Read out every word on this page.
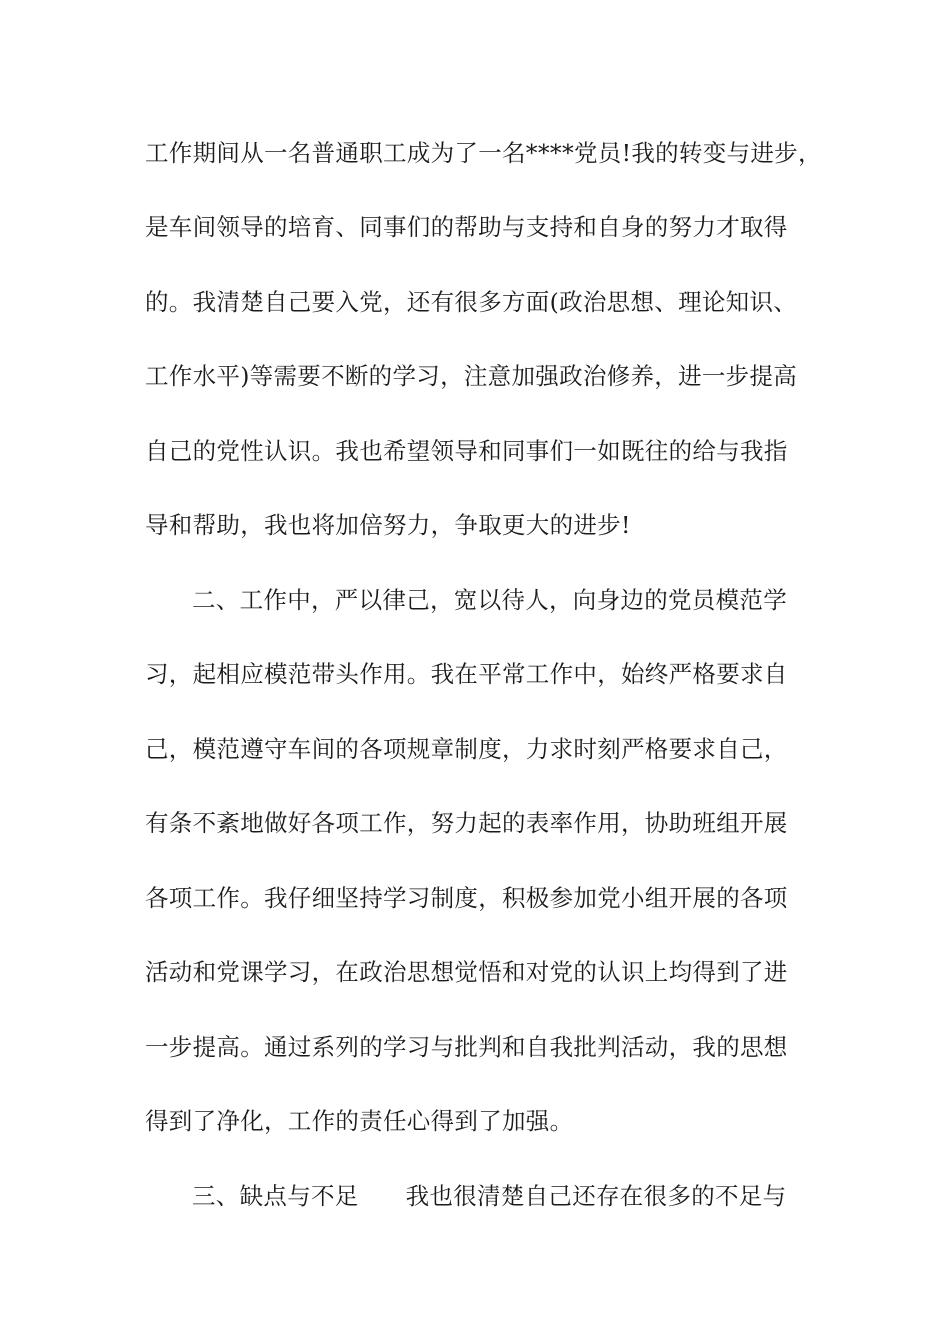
工作期间从一名普通职工成为了一名****党员!我的转变与进步，
是车间领导的培育、同事们的帮助与支持和自身的努力才取得
的。我清楚自己要入党，还有很多方面(政治思想、理论知识、
工作水平)等需要不断的学习，注意加强政治修养，进一步提高
自己的党性认识。我也希望领导和同事们一如既往的给与我指
导和帮助，我也将加倍努力，争取更大的进步!
二、工作中，严以律己，宽以待人，向身边的党员模范学
习，起相应模范带头作用。我在平常工作中，始终严格要求自
己，模范遵守车间的各项规章制度，力求时刻严格要求自己，
有条不紊地做好各项工作，努力起的表率作用，协助班组开展
各项工作。我仔细坚持学习制度，积极参加党小组开展的各项
活动和党课学习，在政治思想觉悟和对党的认识上均得到了进
一步提高。通过系列的学习与批判和自我批判活动，我的思想
得到了净化，工作的责任心得到了加强。
三、缺点与不足 我也很清楚自己还存在很多的不足与
